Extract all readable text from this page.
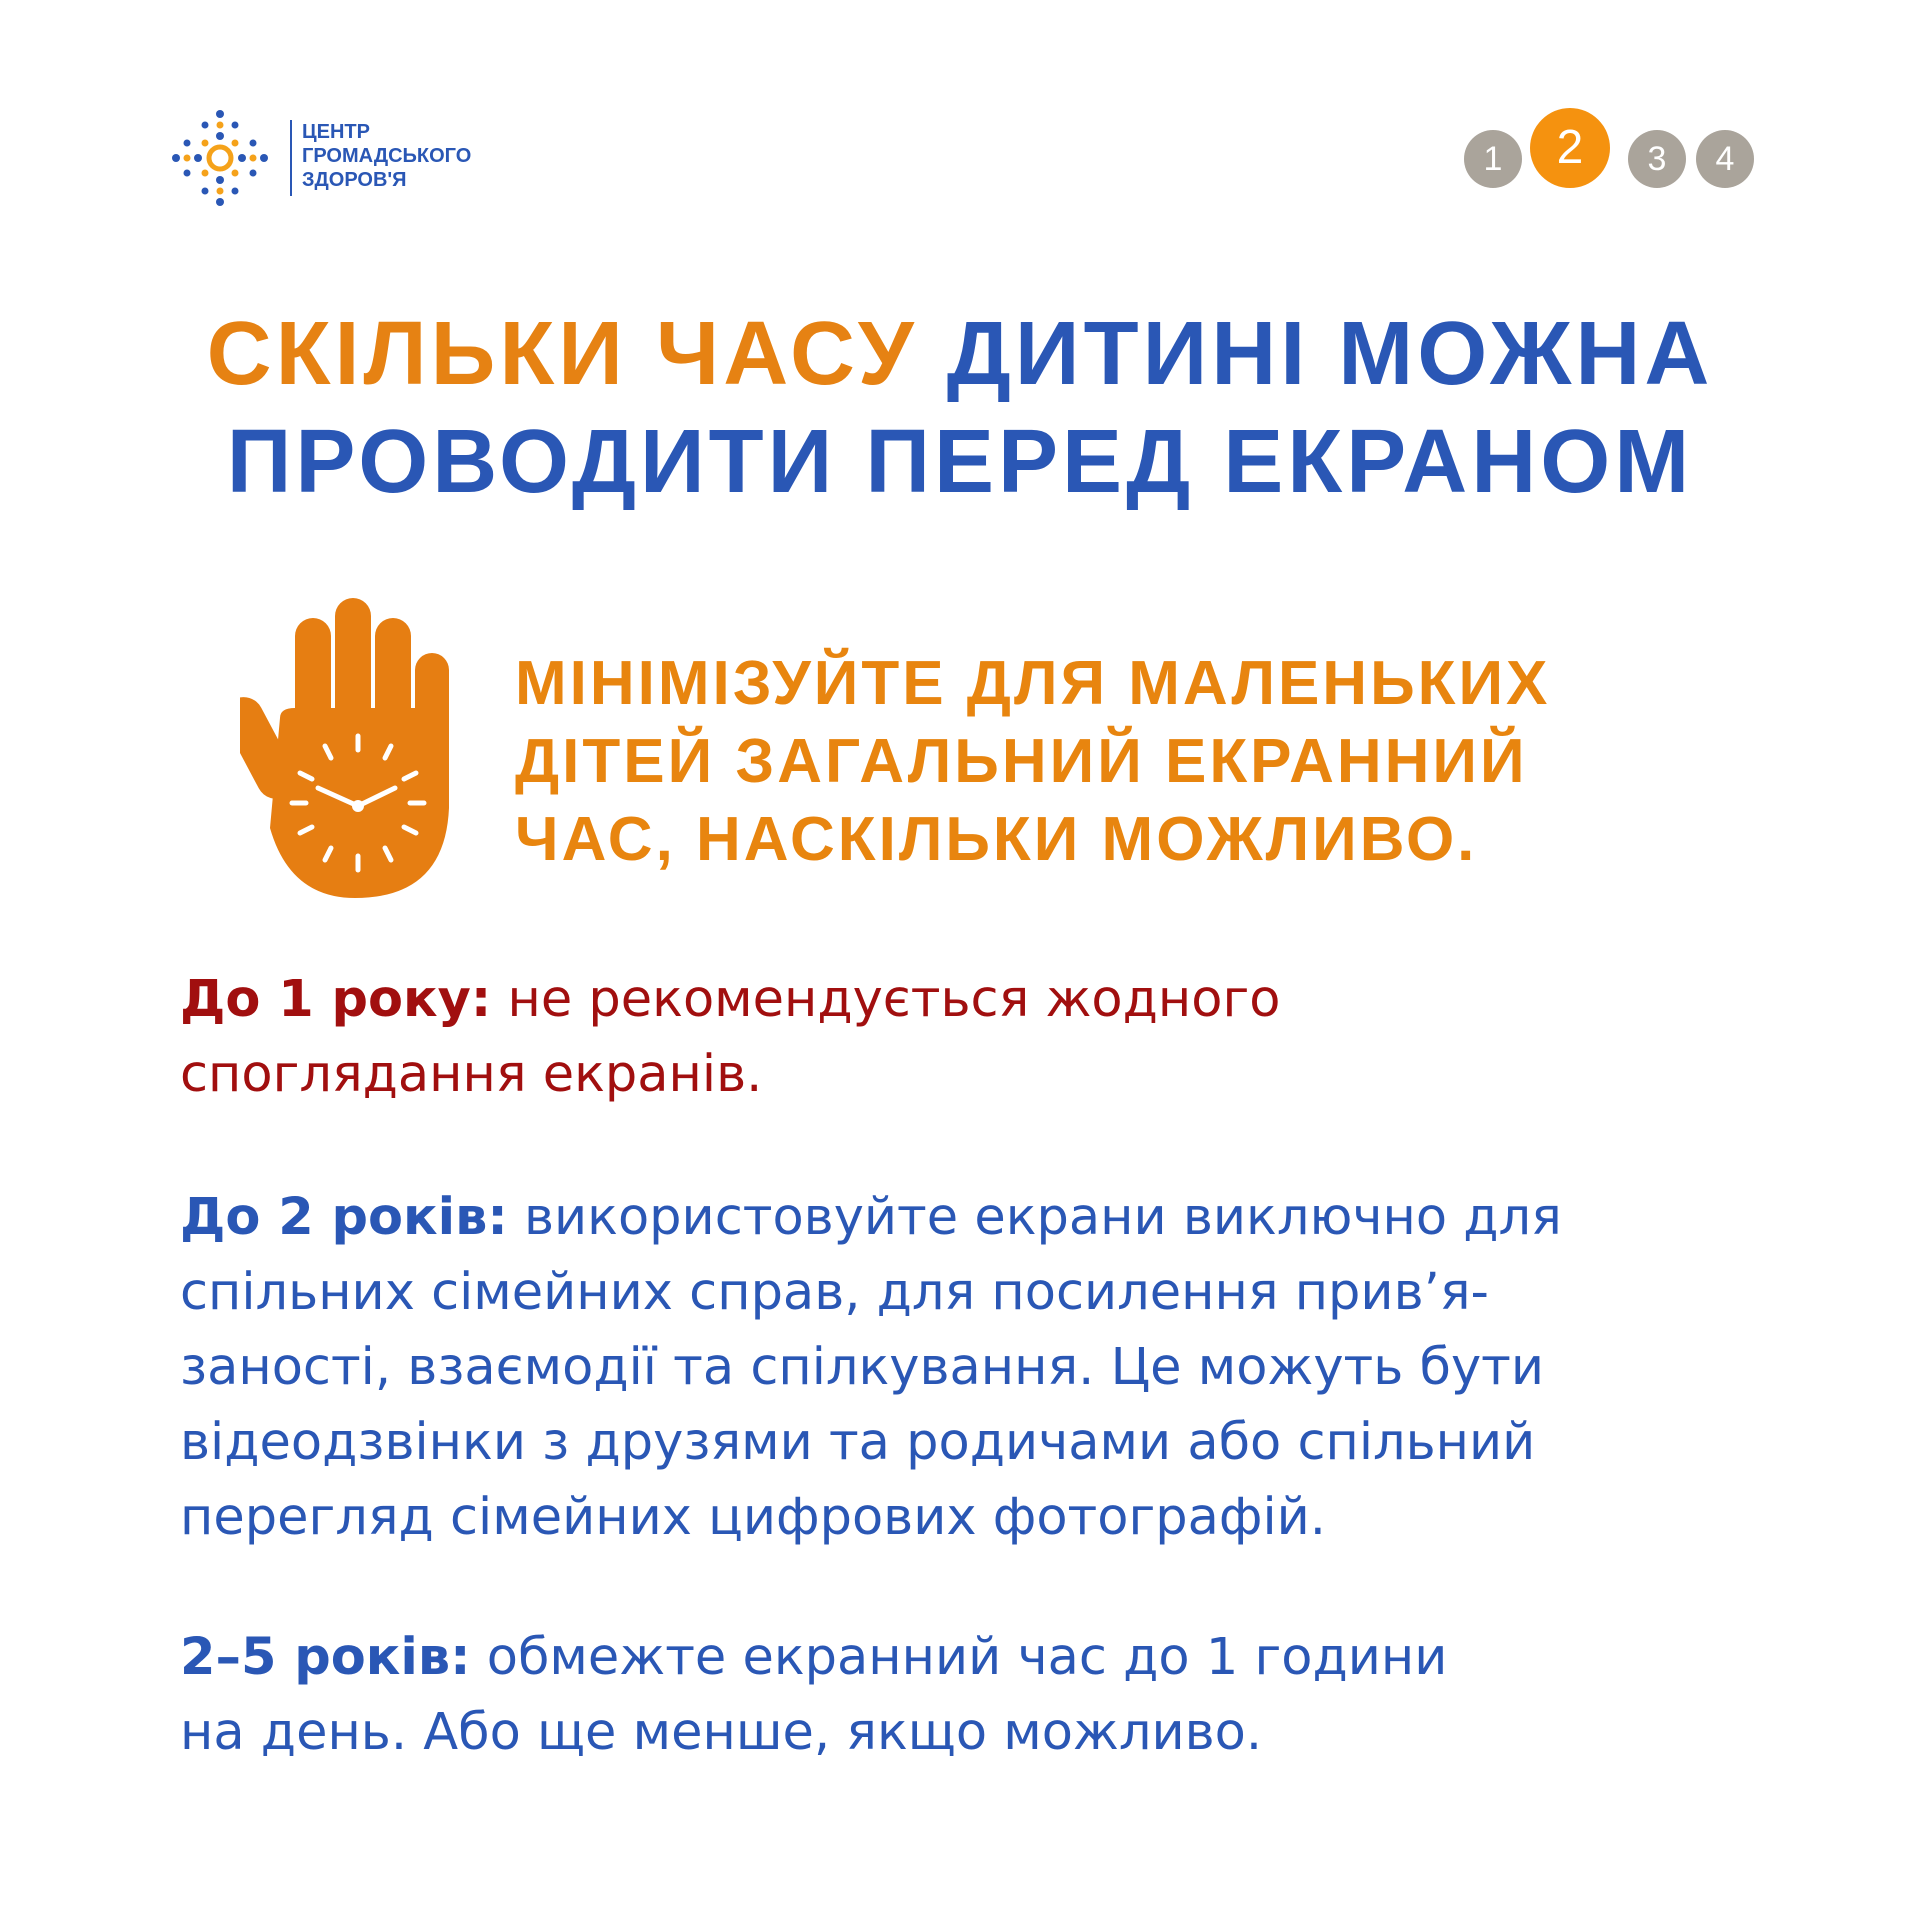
ЦЕНТР
ГРОМАДСЬКОГО
ЗДОРОВ'Я
1	2	3	4
СКІЛЬКИ ЧАСУ ДИТИНІ МОЖНА
ПРОВОДИТИ ПЕРЕД ЕКРАНОМ
МІНІМІЗУЙТЕ ДЛЯ МАЛЕНЬКИХ
ДІТЕЙ ЗАГАЛЬНИЙ ЕКРАННИЙ
ЧАС, НАСКІЛЬКИ МОЖЛИВО.
До 1 року: не рекомендується жодного
споглядання екранів.
До 2 років: використовуйте екрани виключно для
спільних сімейних справ, для посилення прив’я-
заності, взаємодії та спілкування. Це можуть бути
відеодзвінки з друзями та родичами або спільний
перегляд сімейних цифрових фотографій.
2–5 років: обмежте екранний час до 1 години
на день. Або ще менше, якщо можливо.
